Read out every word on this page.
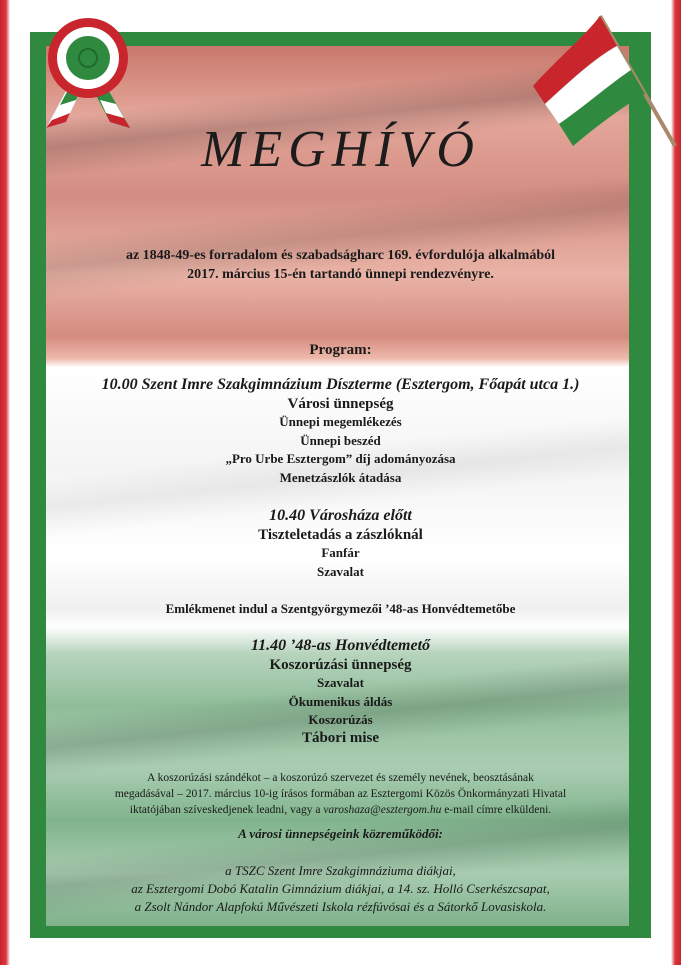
MEGHÍVÓ
az 1848-49-es forradalom és szabadságharc 169. évfordulója alkalmából
2017. március 15-én tartandó ünnepi rendezvényre.
Program:
10.00 Szent Imre Szakgimnázium Díszterme (Esztergom, Főapát utca 1.)
Városi ünnepség
Ünnepi megemlékezés
Ünnepi beszéd
„Pro Urbe Esztergom” díj adományozása
Menetzászlók átadása
10.40 Városháza előtt
Tiszteletadás a zászlóknál
Fanfár
Szavalat
Emlékmenet indul a Szentgyörgymezői ’48-as Honvédtemetőbe
11.40 ’48-as Honvédtemető
Koszorúzási ünnepség
Szavalat
Ökumenikus áldás
Koszorúzás
Tábori mise
A koszorúzási szándékot – a koszorúzó szervezet és személy nevének, beosztásának
megadásával – 2017. március 10-ig írásos formában az Esztergomi Közös Önkormányzati Hivatal
iktatójában szíveskedjenek leadni, vagy a varoshaza@esztergom.hu e-mail címre elküldeni.
A városi ünnepségeink közreműködői:
a TSZC Szent Imre Szakgimnáziuma diákjai,
az Esztergomi Dobó Katalin Gimnázium diákjai, a 14. sz. Holló Cserkészcsapat,
a Zsolt Nándor Alapfokú Művészeti Iskola rézfúvósai és a Sátorkő Lovasiskola.
